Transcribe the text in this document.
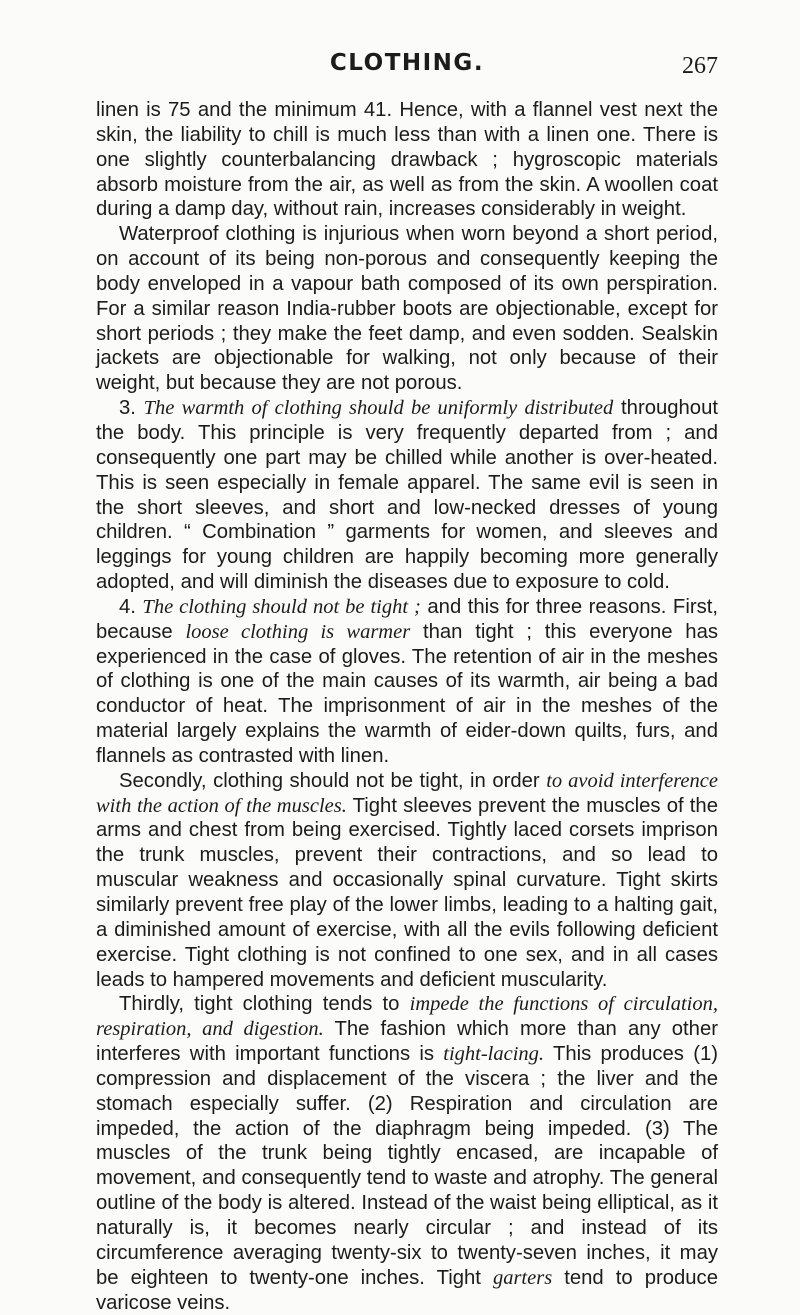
CLOTHING.	267

linen is 75 and the minimum 41. Hence, with a flannel vest next the skin, the liability to chill is much less than with a linen one. There is one slightly counterbalancing drawback ; hygroscopic materials absorb moisture from the air, as well as from the skin. A woollen coat during a damp day, without rain, increases considerably in weight.

Waterproof clothing is injurious when worn beyond a short period, on account of its being non-porous and consequently keeping the body enveloped in a vapour bath composed of its own perspiration. For a similar reason India-rubber boots are objectionable, except for short periods ; they make the feet damp, and even sodden. Sealskin jackets are objectionable for walking, not only because of their weight, but because they are not porous.

3. The warmth of clothing should be uniformly distributed throughout the body. This principle is very frequently departed from ; and consequently one part may be chilled while another is over-heated. This is seen especially in female apparel. The same evil is seen in the short sleeves, and short and low-necked dresses of young children. “ Combination ” garments for women, and sleeves and leggings for young children are happily becoming more generally adopted, and will diminish the diseases due to exposure to cold.

4. The clothing should not be tight ; and this for three reasons. First, because loose clothing is warmer than tight ; this everyone has experienced in the case of gloves. The retention of air in the meshes of clothing is one of the main causes of its warmth, air being a bad conductor of heat. The imprisonment of air in the meshes of the material largely explains the warmth of eider-down quilts, furs, and flannels as contrasted with linen.

Secondly, clothing should not be tight, in order to avoid interference with the action of the muscles. Tight sleeves prevent the muscles of the arms and chest from being exercised. Tightly laced corsets imprison the trunk muscles, prevent their contractions, and so lead to muscular weakness and occasionally spinal curvature. Tight skirts similarly prevent free play of the lower limbs, leading to a halting gait, a diminished amount of exercise, with all the evils following deficient exercise. Tight clothing is not confined to one sex, and in all cases leads to hampered movements and deficient muscularity.

Thirdly, tight clothing tends to impede the functions of circulation, respiration, and digestion. The fashion which more than any other interferes with important functions is tight-lacing. This produces (1) compression and displacement of the viscera ; the liver and the stomach especially suffer. (2) Respiration and circulation are impeded, the action of the diaphragm being impeded. (3) The muscles of the trunk being tightly encased, are incapable of movement, and consequently tend to waste and atrophy. The general outline of the body is altered. Instead of the waist being elliptical, as it naturally is, it becomes nearly circular ; and instead of its circumference averaging twenty-six to twenty-seven inches, it may be eighteen to twenty-one inches. Tight garters tend to produce varicose veins.
